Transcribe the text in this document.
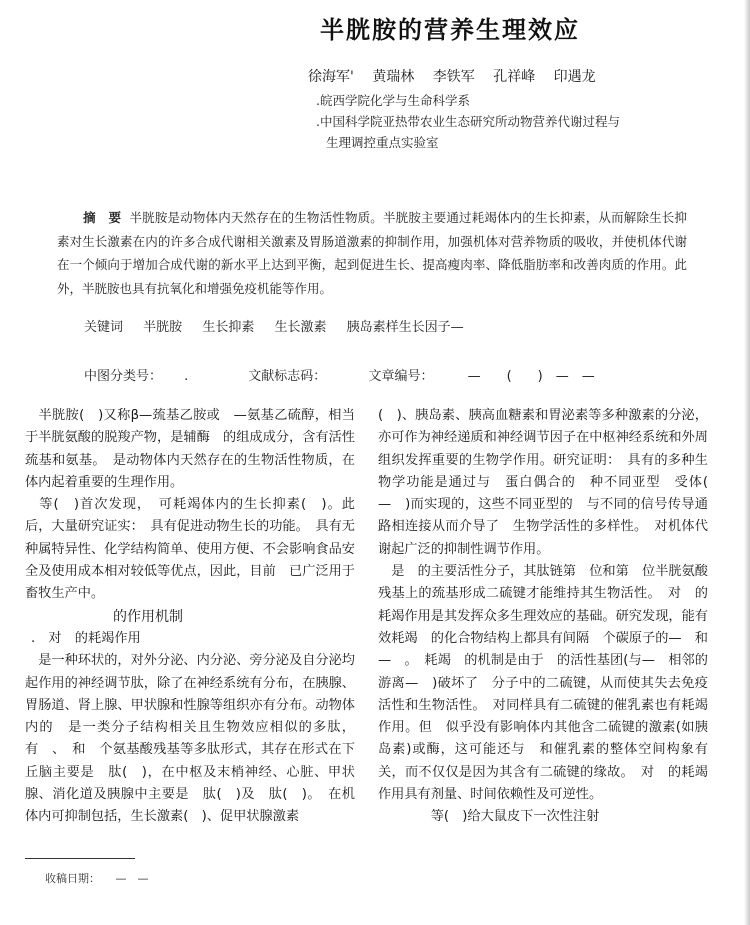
半胱胺的营养生理效应
徐海军' 黄瑞林 李铁军 孔祥峰 印遇龙
.皖西学院化学与生命科学系
.中国科学院亚热带农业生态研究所动物营养代谢过程与
生理调控重点实验室
摘　要 半胱胺是动物体内天然存在的生物活性物质。半胱胺主要通过耗竭体内的生长抑素，从而解除生长抑素对生长激素在内的许多合成代谢相关激素及胃肠道激素的抑制作用，加强机体对营养物质的吸收，并使机体代谢在一个倾向于增加合成代谢的新水平上达到平衡，起到促进生长、提高瘦肉率、降低脂肪率和改善肉质的作用。此外，半胱胺也具有抗氧化和增强免疫机能等作用。
关键词 半胱胺 生长抑素 生长激素 胰岛素样生长因子—
中图分类号： .	文献标志码：	文章编号：	—　　(　　)　—　—

　半胱胺(　)又称β—巯基乙胺或　—氨基乙硫醇，相当于半胱氨酸的脱羧产物，是辅酶　的组成成分，含有活性巯基和氨基。　是动物体内天然存在的生物活性物质，在体内起着重要的生理作用。

　等(　)首次发现，　可耗竭体内的生长抑素(　)。此后，大量研究证实：　具有促进动物生长的功能。　具有无种属特异性、化学结构简单、使用方便、不会影响食品安全及使用成本相对较低等优点，因此，目前　已广泛用于畜牧生产中。

　的作用机制

.　对　的耗竭作用

　是一种环状的，对外分泌、内分泌、旁分泌及自分泌均起作用的神经调节肽，除了在神经系统有分布，在胰腺、胃肠道、肾上腺、甲状腺和性腺等组织亦有分布。动物体内的　是一类分子结构相关且生物效应相似的多肽，有　、　和　个氨基酸残基等多肽形式，其存在形式在下丘脑主要是　肽(　)，在中枢及末梢神经、心脏、甲状腺、消化道及胰腺中主要是　肽(　)及　肽(　)。　在机体内可抑制包括，生长激素(　)、促甲状腺激素

(　)、胰岛素、胰高血糖素和胃泌素等多种激素的分泌，亦可作为神经递质和神经调节因子在中枢神经系统和外周组织发挥重要的生物学作用。研究证明：　具有的多种生物学功能是通过与　蛋白偶合的　种不同亚型　受体(　—　)而实现的，这些不同亚型的　与不同的信号传导通路相连接从而介导了　生物学活性的多样性。　对机体代谢起广泛的抑制性调节作用。

　是　的主要活性分子，其肽链第　位和第　位半胱氨酸残基上的巯基形成二硫键才能维持其生物活性。　对　的耗竭作用是其发挥众多生理效应的基础。研究发现，能有效耗竭　的化合物结构上都具有间隔　个碳原子的—　和—　。　耗竭　的机制是由于　的活性基团(与—　相邻的游离—　)破坏了　分子中的二硫键，从而使其失去免疫活性和生物活性。　对同样具有二硫键的催乳素也有耗竭作用。但　似乎没有影响体内其他含二硫键的激素(如胰岛素)或酶，这可能还与　和催乳素的整体空间构象有关，而不仅仅是因为其含有二硫键的缘故。　对　的耗竭作用具有剂量、时间依赖性及可逆性。

　　　　等(　)给大鼠皮下一次性注射

收稿日期： —　—
